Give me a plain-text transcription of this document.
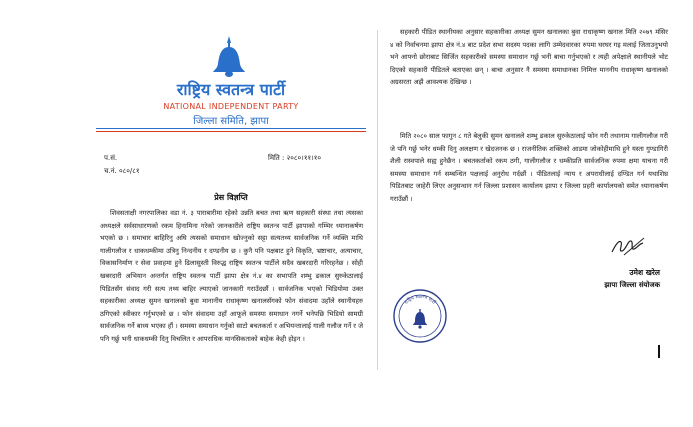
राष्ट्रिय स्वतन्त्र पार्टी
NATIONAL INDEPENDENT PARTY
जिल्ला समिति, झापा
प.सं.
च.नं. ०८०/८१
मिति : २०८०।११।१०
प्रेस विज्ञप्ति

शिवसताक्षी नगरपालिका वडा नं. ३ पाराबारीमा रहेको उन्नति बचत तथा ऋण सहकारी संस्था तथा त्यसका अध्यक्षले सर्वसाधारणको रकम हिनामिना गरेको जानकारीले राष्ट्रिय स्वतन्त्र पार्टी झापाको गम्भिर ध्यानाकर्षण भएको छ । समाचार बाहिरिनु अघि त्यसको समाधान खोज्नुको सट्टा सत्यतथ्य सार्वजनिक गर्ने व्यक्ति माथि गालीगलौज र धाकधम्कीमा उत्रिनु निन्दनीय र दण्डनीय छ । कुनै पनि पक्षबाट हुने विकृति, भ्रष्टाचार, अत्याचार, विकासनिर्माण र सेवा प्रवाहमा हुने ढिलासुस्ती विरुद्ध राष्ट्रिय स्वतन्त्र पार्टीले सदैव खबरदारी गरिरहनेछ । सोही खबरदारी अभियान अन्तर्गत राष्ट्रिय स्वतन्त्र पार्टी झापा क्षेत्र नं.४ का सभापति शम्भु ढकाल सुरुकेठालाई पिडितसँग संवाद गरी सत्य तथ्य बाहिर ल्याएको जानकारी गराउँदछौं । सार्वजनिक भएको भिडियोमा उक्त सहकारीका अध्यक्ष सुमन खनालको बुवा मानानीय राधाकृष्ण खनालसँगको फोन संवादमा उहाँले स्थानीयहरु ठगिएको स्वीकार गर्नुभएको छ । फोन संवादमा उहाँ आफूले समस्या समाधान नगर्ने भनेपछि भिडियो सामग्री सार्वजनिक गर्ने बाध्य भएका हौं । समस्या समाधान गर्नुको साटो बचतकर्ता र अभियन्तालाई गाली गलौज गर्ने र जे पनि गर्छु भनी धाकधम्की दिनु विचलित र आपराधिक मानसिकताको बाहेक केही होइन ।

सहकारी पीडित स्थानीयका अनुसार सहकारीका अध्यक्ष सुमन खनालका बुवा राधाकृष्ण खनाल मिति २०७९ मंसिर ४ को निर्वाचनमा झापा क्षेत्र नं.४ बाट प्रदेश सभा सदस्य पदका लागि उम्मेदवारका रुपमा घरघर गइ मलाई जिताउनुभयो भने आफ्नो छोराबाट सिर्जित सहकारीको समस्या समाधान गर्छु भनी बाचा गर्नुभएको र त्यही अपेक्षाले स्थानीयले भोट दिएको सहकारी पीडितले बताएका छन् । बाचा अनुसार नै समस्या समाधानका निमित्त माननीय राधाकृष्ण खनालको अग्रसरता अझै आवश्यक देखिन्छ ।

मिति २०८० साल फागुन ८ गते बेलुकी सुमन खनालले शम्भु ढकाल सुरुकेठालाई फोन गरी तथानाम गालीगलौज गरी जे पनि गर्छु भनेर धम्की दिनु अलक्षण र खेदजनक छ । राजनीतिक शक्तिको आडमा जोकोहीमाथि हुने यस्ता गुण्डागिरी शैली रास्वपाले सह्य हुनेछैन । बचतकर्ताको रकम ठगी, गालीगलौज र धम्कीप्रति सार्वजनिक रुपमा क्षमा याचना गरी समस्या समाधान गर्न सम्बन्धित पक्षलाई अनुरोध गर्दछौं । पीडितलाई न्याय र अपराधीलाई दण्डित गर्न यथाशिघ्र पिडितबाट जाहेरी लिएर अनुसन्धान गर्न जिल्ला प्रशासन कार्यालय झापा र जिल्ला प्रहरी कार्यालयको समेत ध्यानाकर्षण गराउँछौं ।

उमेश खरेल
झापा जिल्ला संयोजक
राष्ट्रिय स्वतन्त्र पार्टी
